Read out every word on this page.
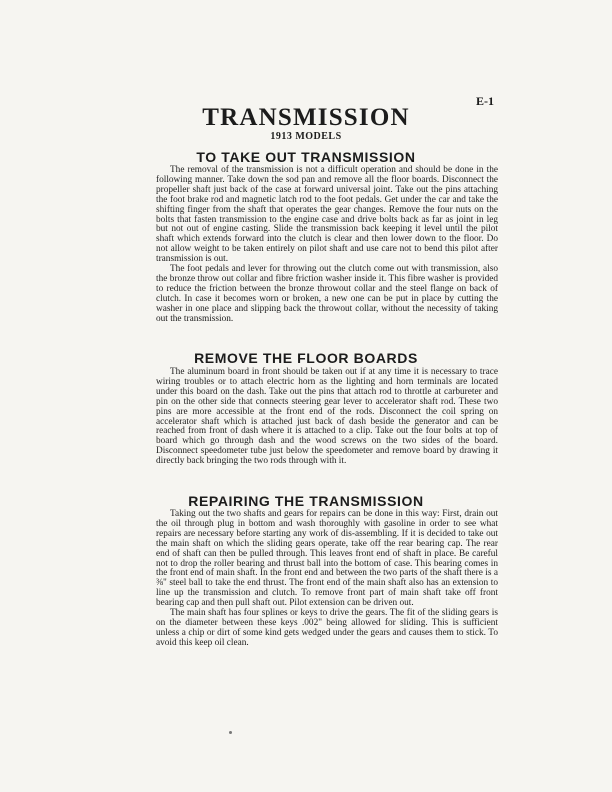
E-1
TRANSMISSION
1913 MODELS
TO TAKE OUT TRANSMISSION

The removal of the transmission is not a difficult operation and should be done in the following manner. Take down the sod pan and remove all the floor boards. Disconnect the propeller shaft just back of the case at forward universal joint. Take out the pins attaching the foot brake rod and magnetic latch rod to the foot pedals. Get under the car and take the shifting finger from the shaft that operates the gear changes. Remove the four nuts on the bolts that fasten transmission to the engine case and drive bolts back as far as joint in leg but not out of engine casting. Slide the transmission back keeping it level until the pilot shaft which extends forward into the clutch is clear and then lower down to the floor. Do not allow weight to be taken entirely on pilot shaft and use care not to bend this pilot after transmission is out.

The foot pedals and lever for throwing out the clutch come out with transmission, also the bronze throw out collar and fibre friction washer inside it. This fibre washer is provided to reduce the friction between the bronze throwout collar and the steel flange on back of clutch. In case it becomes worn or broken, a new one can be put in place by cutting the washer in one place and slipping back the throwout collar, without the necessity of taking out the transmission.

REMOVE THE FLOOR BOARDS

The aluminum board in front should be taken out if at any time it is necessary to trace wiring troubles or to attach electric horn as the lighting and horn terminals are located under this board on the dash. Take out the pins that attach rod to throttle at carbureter and pin on the other side that connects steering gear lever to accelerator shaft rod. These two pins are more accessible at the front end of the rods. Disconnect the coil spring on accelerator shaft which is attached just back of dash beside the generator and can be reached from front of dash where it is attached to a clip. Take out the four bolts at top of board which go through dash and the wood screws on the two sides of the board. Disconnect speedometer tube just below the speedometer and remove board by drawing it directly back bringing the two rods through with it.

REPAIRING THE TRANSMISSION

Taking out the two shafts and gears for repairs can be done in this way: First, drain out the oil through plug in bottom and wash thoroughly with gasoline in order to see what repairs are necessary before starting any work of dis-assembling. If it is decided to take out the main shaft on which the sliding gears operate, take off the rear bearing cap. The rear end of shaft can then be pulled through. This leaves front end of shaft in place. Be careful not to drop the roller bearing and thrust ball into the bottom of case. This bearing comes in the front end of main shaft. In the front end and between the two parts of the shaft there is a ⅜" steel ball to take the end thrust. The front end of the main shaft also has an extension to line up the transmission and clutch. To remove front part of main shaft take off front bearing cap and then pull shaft out. Pilot extension can be driven out.

The main shaft has four splines or keys to drive the gears. The fit of the sliding gears is on the diameter between these keys .002" being allowed for sliding. This is sufficient unless a chip or dirt of some kind gets wedged under the gears and causes them to stick. To avoid this keep oil clean.
